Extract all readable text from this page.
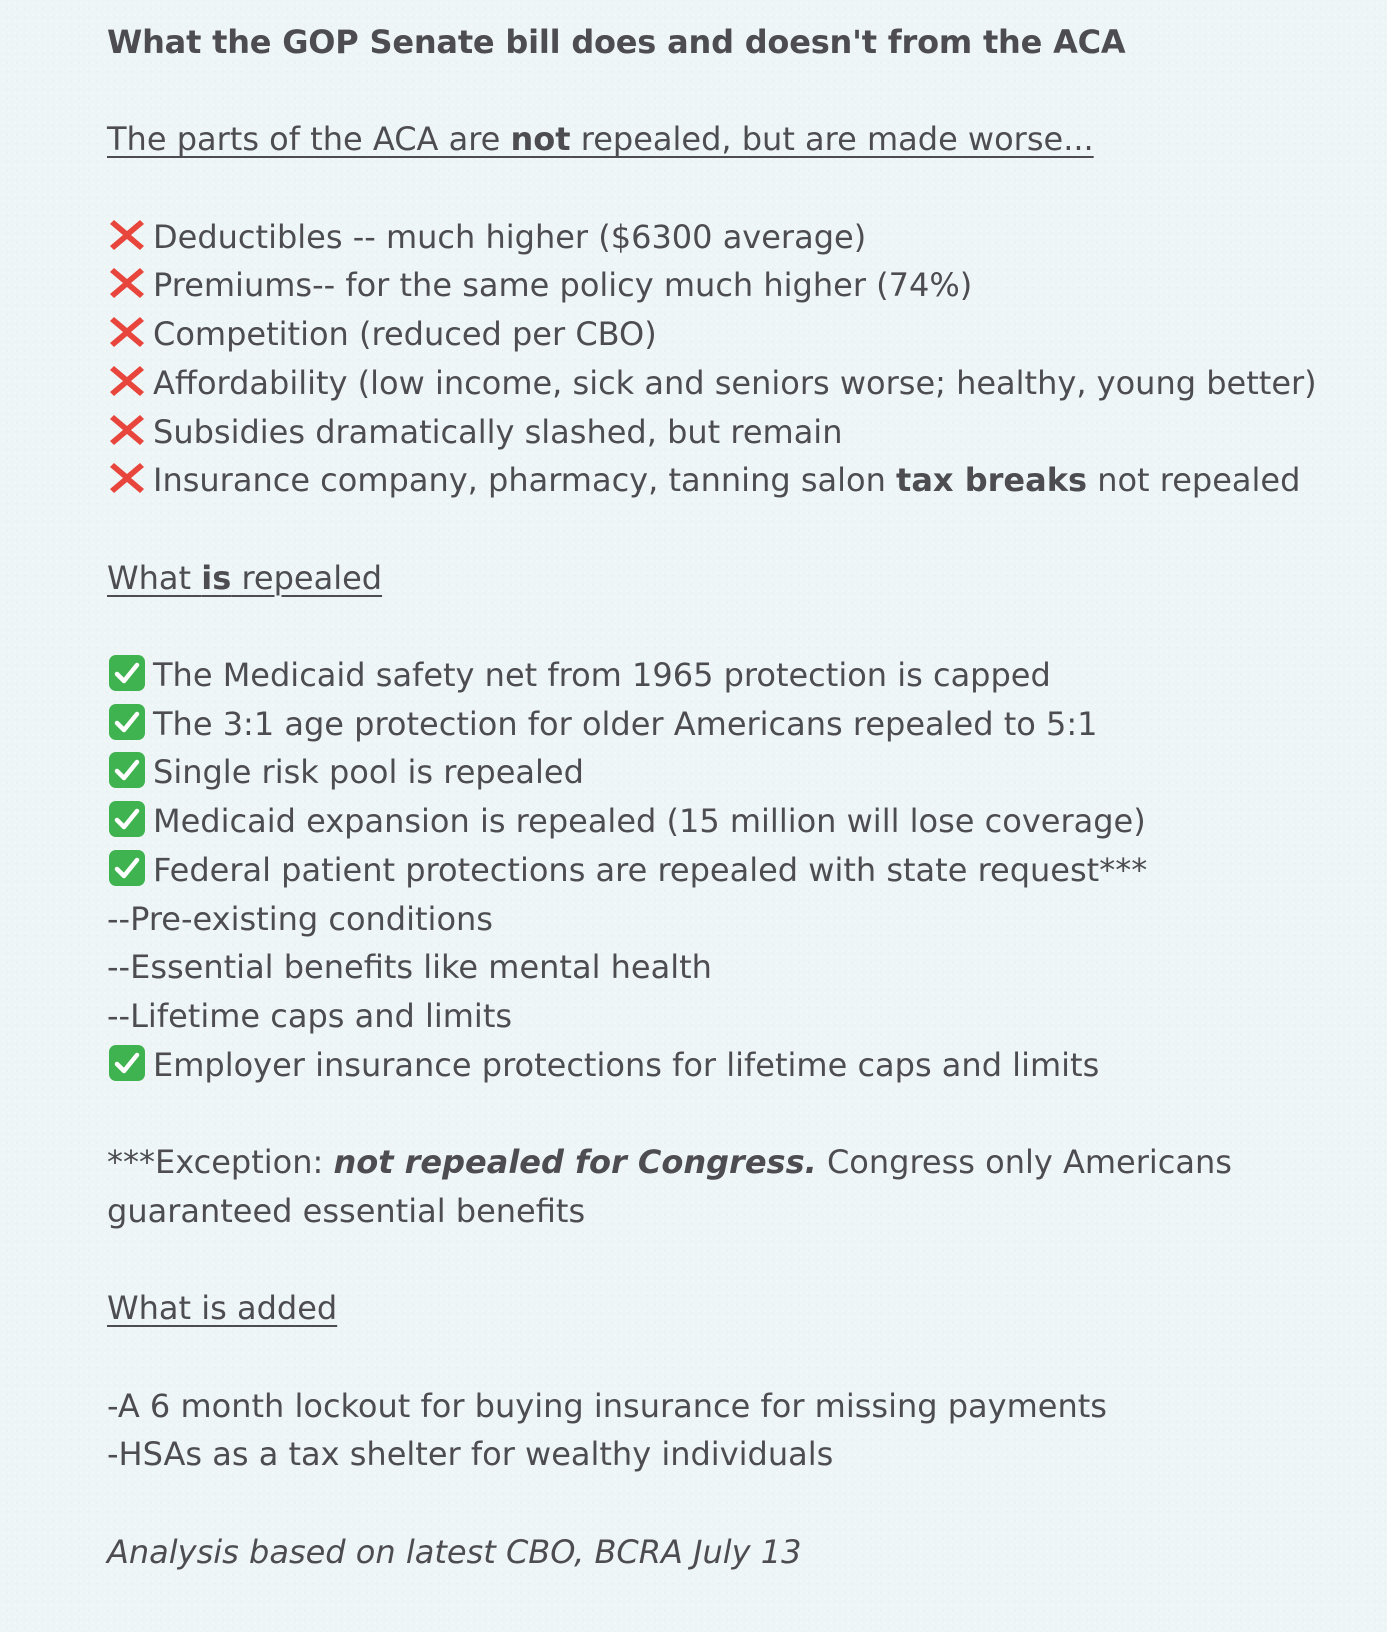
What the GOP Senate bill does and doesn't from the ACA
The parts of the ACA are not repealed, but are made worse...
Deductibles -- much higher ($6300 average)
Premiums-- for the same policy much higher (74%)
Competition (reduced per CBO)
Affordability (low income, sick and seniors worse; healthy, young better)
Subsidies dramatically slashed, but remain
Insurance company, pharmacy, tanning salon tax breaks not repealed
What is repealed
The Medicaid safety net from 1965 protection is capped
The 3:1 age protection for older Americans repealed to 5:1
Single risk pool is repealed
Medicaid expansion is repealed (15 million will lose coverage)
Federal patient protections are repealed with state request***
--Pre-existing conditions
--Essential benefits like mental health
--Lifetime caps and limits
Employer insurance protections for lifetime caps and limits
***Exception: not repealed for Congress. Congress only Americans guaranteed essential benefits
What is added
-A 6 month lockout for buying insurance for missing payments
-HSAs as a tax shelter for wealthy individuals
Analysis based on latest CBO, BCRA July 13
